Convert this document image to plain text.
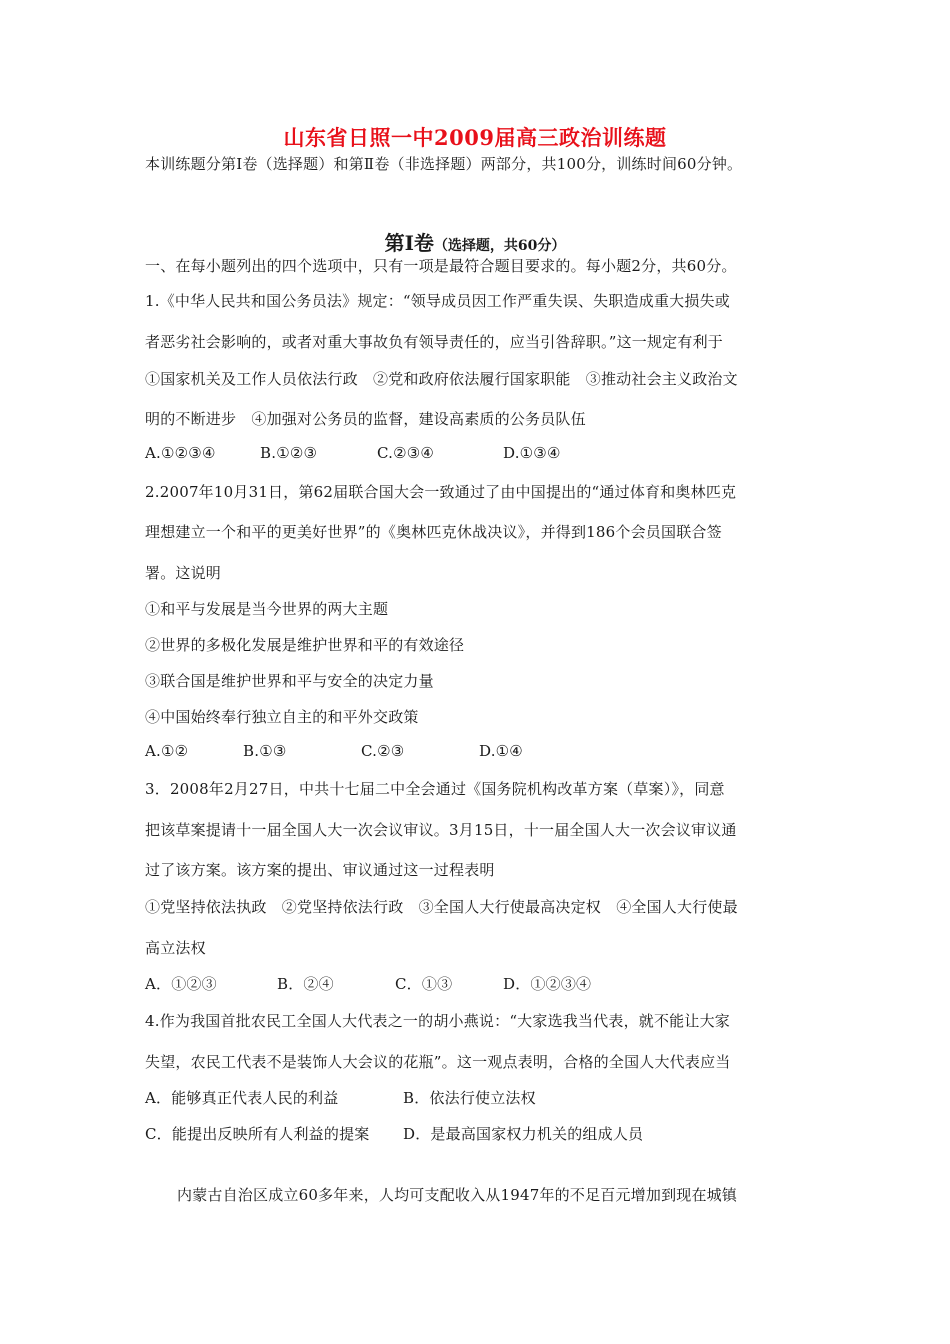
山东省日照一中2009届高三政治训练题
本训练题分第Ⅰ卷（选择题）和第Ⅱ卷（非选择题）两部分，共100分，训练时间60分钟。
第Ⅰ卷（选择题，共60分）
一、在每小题列出的四个选项中，只有一项是最符合题目要求的。每小题2分，共60分。
1.《中华人民共和国公务员法》规定：“领导成员因工作严重失误、失职造成重大损失或
者恶劣社会影响的，或者对重大事故负有领导责任的，应当引咎辞职。”这一规定有利于
①国家机关及工作人员依法行政　②党和政府依法履行国家职能　③推动社会主义政治文
明的不断进步　④加强对公务员的监督，建设高素质的公务员队伍
A.①②③④	B.①②③	C.②③④	D.①③④
2.2007年10月31日，第62届联合国大会一致通过了由中国提出的“通过体育和奥林匹克
理想建立一个和平的更美好世界”的《奥林匹克休战决议》，并得到186个会员国联合签
署。这说明
①和平与发展是当今世界的两大主题
②世界的多极化发展是维护世界和平的有效途径
③联合国是维护世界和平与安全的决定力量
④中国始终奉行独立自主的和平外交政策
A.①②	B.①③	C.②③	D.①④
3．2008年2月27日，中共十七届二中全会通过《国务院机构改革方案（草案）》，同意
把该草案提请十一届全国人大一次会议审议。3月15日，十一届全国人大一次会议审议通
过了该方案。该方案的提出、审议通过这一过程表明
①党坚持依法执政　②党坚持依法行政　③全国人大行使最高决定权　④全国人大行使最
高立法权
A．①②③	B．②④	C．①③	D．①②③④
4.作为我国首批农民工全国人大代表之一的胡小燕说：“大家选我当代表，就不能让大家
失望，农民工代表不是装饰人大会议的花瓶”。这一观点表明，合格的全国人大代表应当
A．能够真正代表人民的利益	B．依法行使立法权
C．能提出反映所有人利益的提案 D．是最高国家权力机关的组成人员
内蒙古自治区成立60多年来，人均可支配收入从1947年的不足百元增加到现在城镇
